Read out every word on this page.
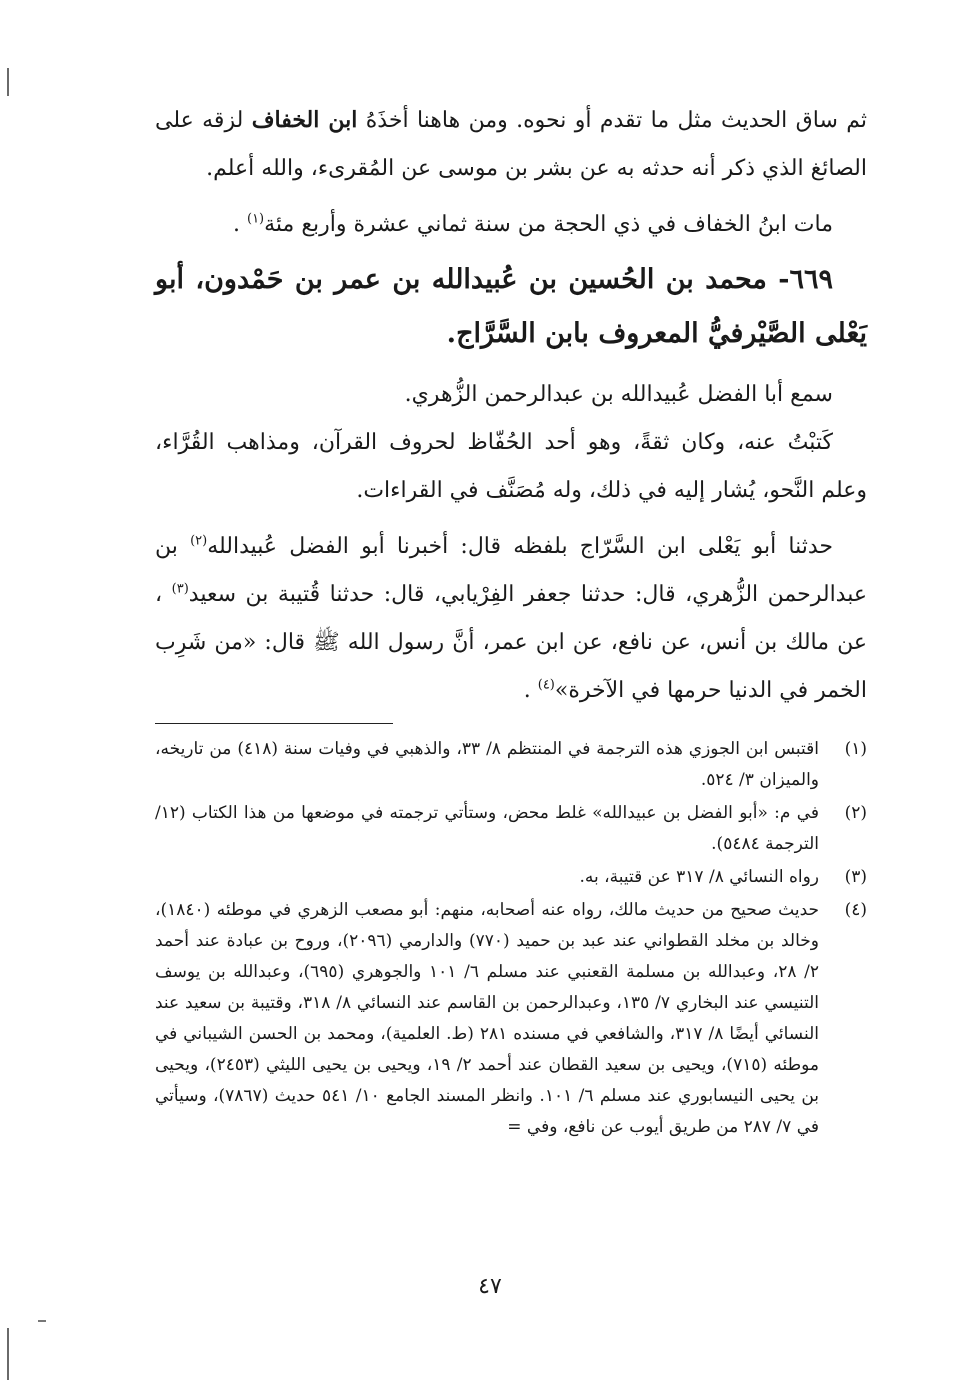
ثم ساق الحديث مثل ما تقدم أو نحوه. ومن هاهنا أخذَهُ ابن الخفاف لزقه على الصائغ الذي ذكر أنه حدثه به عن بشر بن موسى عن المُقرىء، والله أعلم.

مات ابنُ الخفاف في ذي الحجة من سنة ثماني عشرة وأربع مئة$^{(١)}$ .

٦٦٩- محمد بن الحُسين بن عُبيدالله بن عمر بن حَمْدون، أبو يَعْلى الصَّيْرفيُّ المعروف بابن السَّرَّاج.

سمع أبا الفضل عُبيدالله بن عبدالرحمن الزُّهري.

كَتبْتُ عنه، وكان ثقةً، وهو أحد الحُفّاظ لحروف القرآن، ومذاهب القُرَّاء، وعلم النَّحو، يُشار إليه في ذلك، وله مُصَنَّف في القراءات.

حدثنا أبو يَعْلى ابن السَّرّاج بلفظه قال: أخبرنا أبو الفضل عُبيدالله$^{(٢)}$ بن عبدالرحمن الزُّهري، قال: حدثنا جعفر الفِرْيابي، قال: حدثنا قُتيبة بن سعيد$^{(٣)}$ ، عن مالك بن أنس، عن نافع، عن ابن عمر، أنَّ رسول الله ﷺ قال: «من شَرِب الخمر في الدنيا حرمها في الآخرة»$^{(٤)}$ .

(١)
اقتبس ابن الجوزي هذه الترجمة في المنتظم ٨/ ٣٣، والذهبي في وفيات سنة (٤١٨) من تاريخه، والميزان ٣/ ٥٢٤.
(٢)
في م: «أبو الفضل بن عبيدالله» غلط محض، وستأتي ترجمته في موضعها من هذا الكتاب (١٢/ الترجمة ٥٤٨٤).
(٣)
رواه النسائي ٨/ ٣١٧ عن قتيبة، به.
(٤)
حديث صحيح من حديث مالك، رواه عنه أصحابه، منهم: أبو مصعب الزهري في موطئه (١٨٤٠)، وخالد بن مخلد القطواني عند عبد بن حميد (٧٧٠) والدارمي (٢٠٩٦)، وروح بن عبادة عند أحمد ٢/ ٢٨، وعبدالله بن مسلمة القعنبي عند مسلم ٦/ ١٠١ والجوهري (٦٩٥)، وعبدالله بن يوسف التنيسي عند البخاري ٧/ ١٣٥، وعبدالرحمن بن القاسم عند النسائي ٨/ ٣١٨، وقتيبة بن سعيد عند النسائي أيضًا ٨/ ٣١٧، والشافعي في مسنده ٢٨١ (ط. العلمية)، ومحمد بن الحسن الشيباني في موطئه (٧١٥)، ويحيى بن سعيد القطان عند أحمد ٢/ ١٩، ويحيى بن يحيى الليثي (٢٤٥٣)، ويحيى بن يحيى النيسابوري عند مسلم ٦/ ١٠١. وانظر المسند الجامع ١٠/ ٥٤١ حديث (٧٨٦٧)، وسيأتي في ٧/ ٢٨٧ من طريق أيوب عن نافع، وفي =
٤٧
